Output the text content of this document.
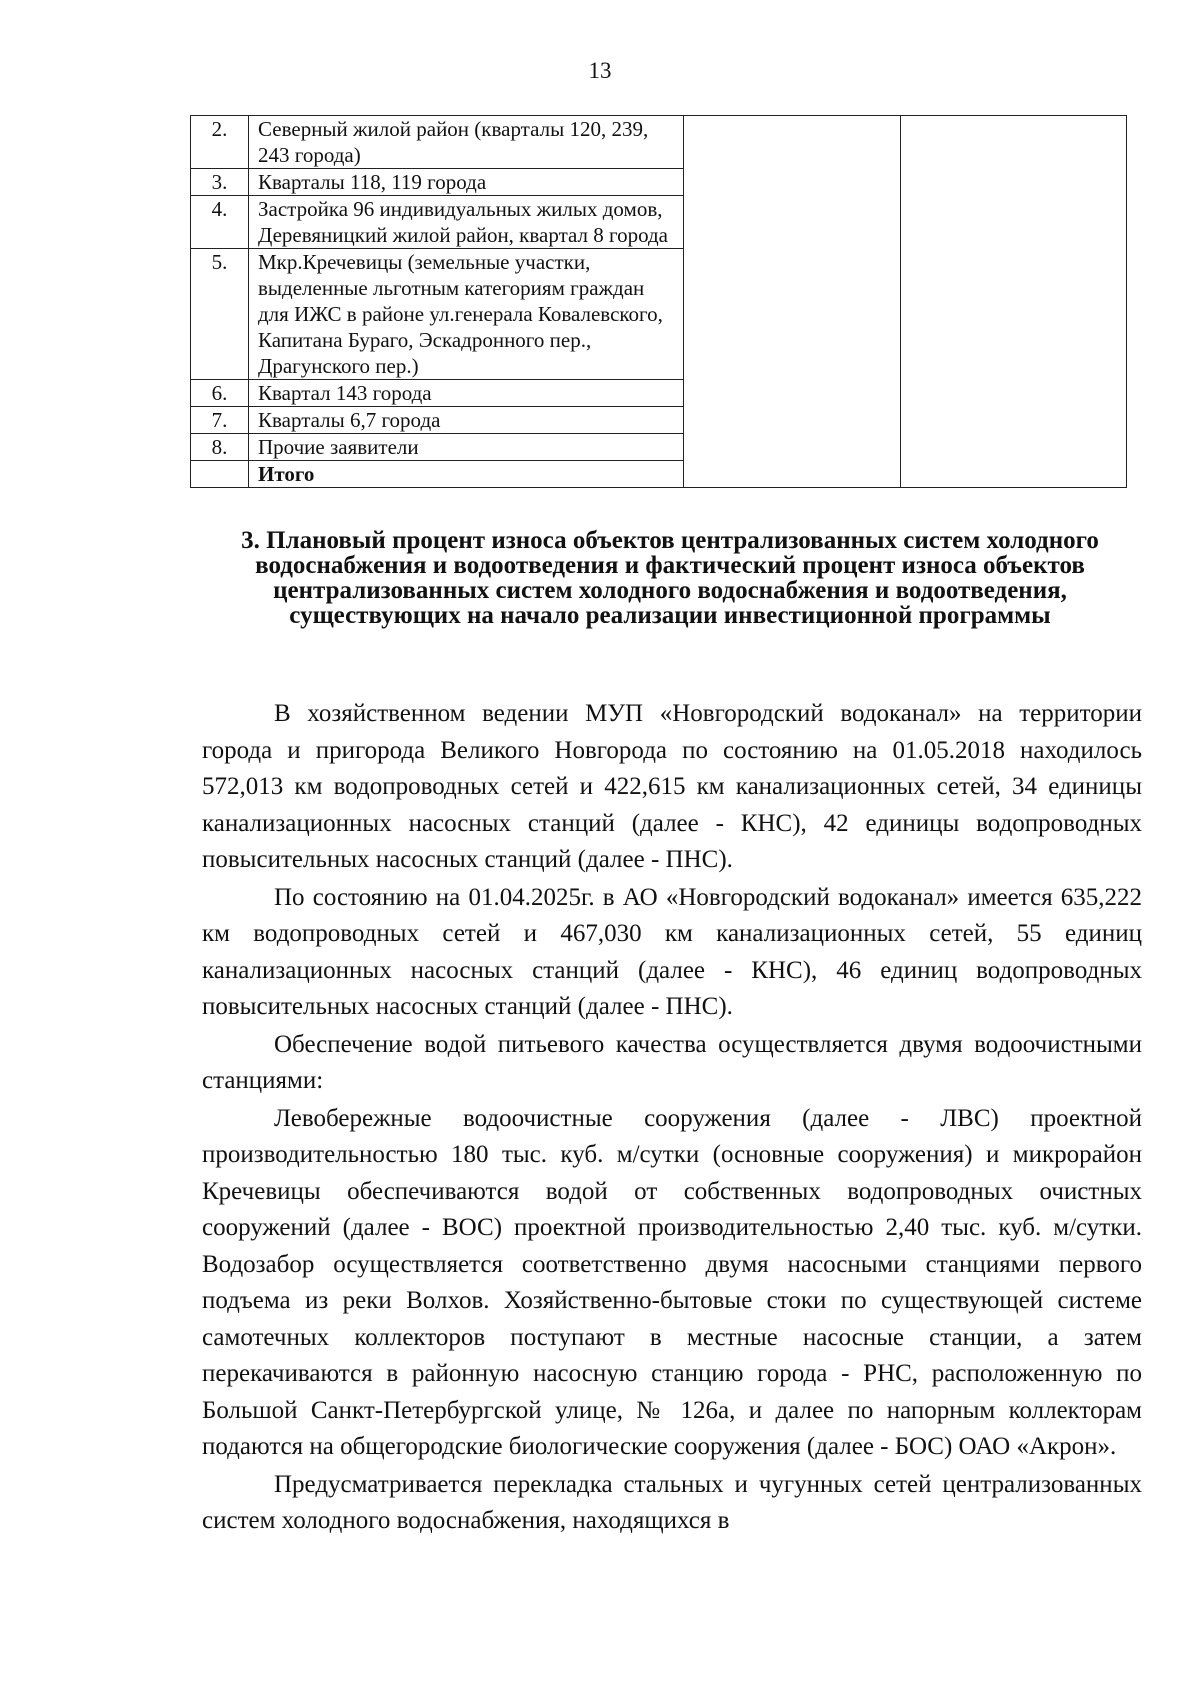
13
2.	Северный жилой район (кварталы 120, 239, 243 города)		
3.	Кварталы 118, 119 города		
4.	Застройка 96 индивидуальных жилых домов, Деревяницкий жилой район, квартал 8 города		
5.	Мкр.Кречевицы (земельные участки, выделенные льготным категориям граждан для ИЖС в районе ул.генерала Ковалевского, Капитана Бураго, Эскадронного пер., Драгунского пер.)		
6.	Квартал 143 города		
7.	Кварталы 6,7 города		
8.	Прочие заявители		
	Итого		
3. Плановый процент износа объектов централизованных систем холодного водоснабжения и водоотведения и фактический процент износа объектов централизованных систем холодного водоснабжения и водоотведения, существующих на начало реализации инвестиционной программы

В хозяйственном ведении МУП «Новгородский водоканал» на территории города и пригорода Великого Новгорода по состоянию на 01.05.2018 находилось 572,013 км водопроводных сетей и 422,615 км канализационных сетей, 34 единицы канализационных насосных станций (далее - КНС), 42 единицы водопроводных повысительных насосных станций (далее - ПНС).

По состоянию на 01.04.2025г. в АО «Новгородский водоканал» имеется 635,222 км водопроводных сетей и 467,030 км канализационных сетей, 55 единиц канализационных насосных станций (далее - КНС), 46 единиц водопроводных повысительных насосных станций (далее - ПНС).

Обеспечение водой питьевого качества осуществляется двумя водоочистными станциями:

Левобережные водоочистные сооружения (далее - ЛВС) проектной производительностью 180 тыс. куб. м/сутки (основные сооружения) и микрорайон Кречевицы обеспечиваются водой от собственных водопроводных очистных сооружений (далее - ВОС) проектной производительностью 2,40 тыс. куб. м/сутки. Водозабор осуществляется соответственно двумя насосными станциями первого подъема из реки Волхов. Хозяйственно-бытовые стоки по существующей системе самотечных коллекторов поступают в местные насосные станции, а затем перекачиваются в районную насосную станцию города - РНС, расположенную по Большой Санкт-Петербургской улице, № 126а, и далее по напорным коллекторам подаются на общегородские биологические сооружения (далее - БОС) ОАО «Акрон».

Предусматривается перекладка стальных и чугунных сетей централизованных систем холодного водоснабжения, находящихся в
